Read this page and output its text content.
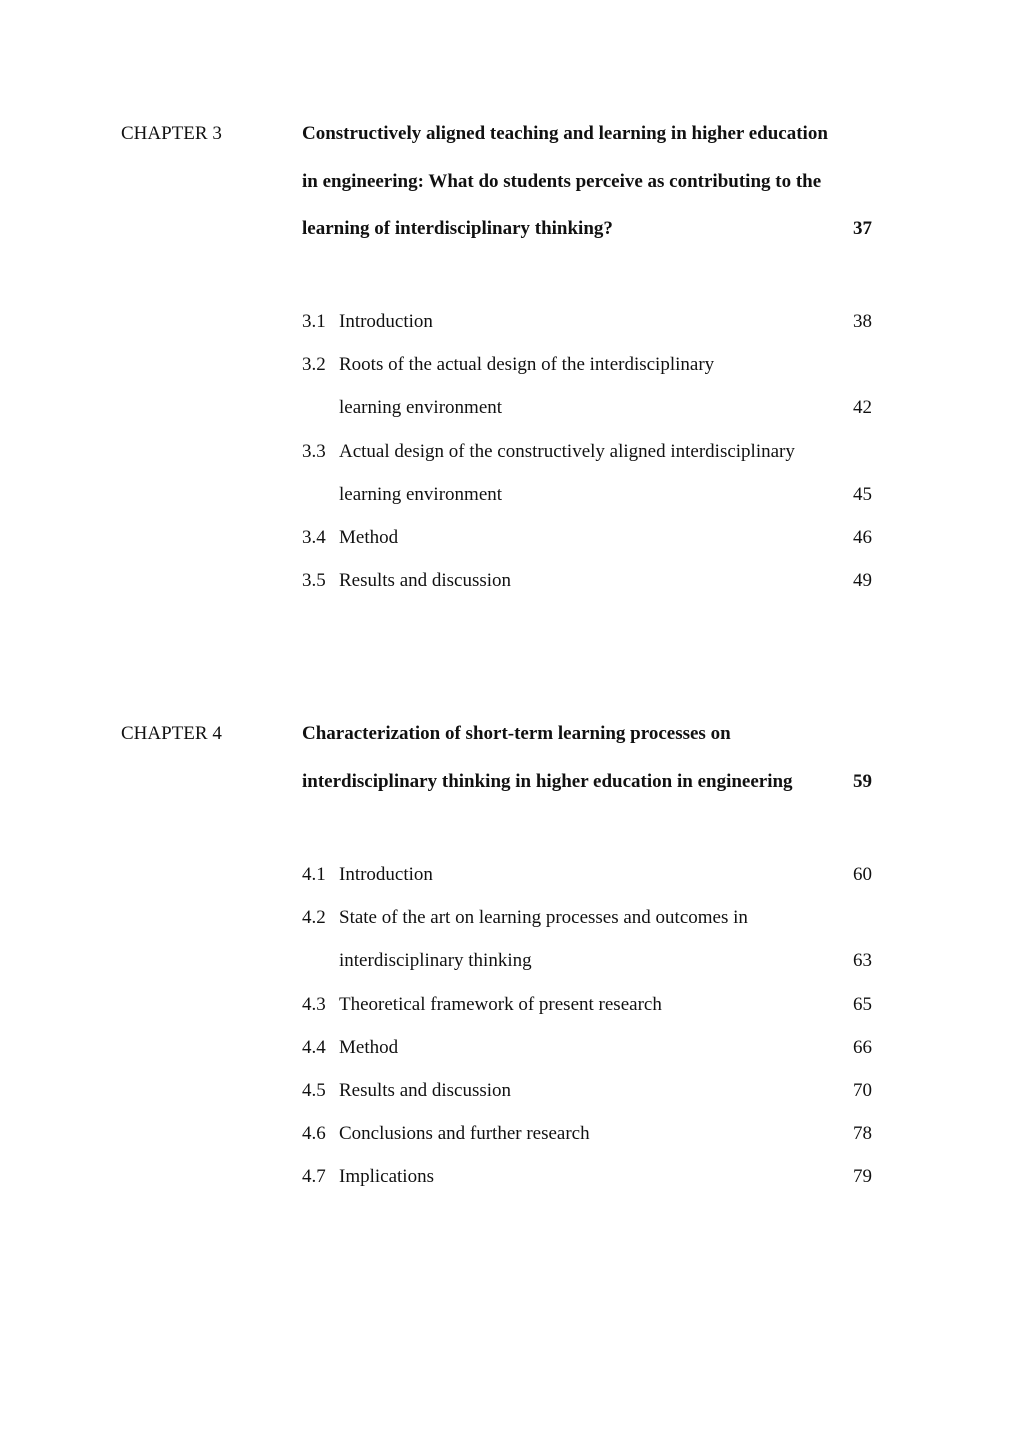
CHAPTER 3	Constructively aligned teaching and learning in higher education
in engineering: What do students perceive as contributing to the
learning of interdisciplinary thinking?	37
3.1 Introduction	38
3.2 Roots of the actual design of the interdisciplinary
learning environment	42
3.3 Actual design of the constructively aligned interdisciplinary
learning environment	45
3.4 Method	46
3.5 Results and discussion	49
CHAPTER 4	Characterization of short-term learning processes on
interdisciplinary thinking in higher education in engineering	59
4.1 Introduction	60
4.2 State of the art on learning processes and outcomes in
interdisciplinary thinking	63
4.3 Theoretical framework of present research	65
4.4 Method	66
4.5 Results and discussion	70
4.6 Conclusions and further research	78
4.7 Implications	79
